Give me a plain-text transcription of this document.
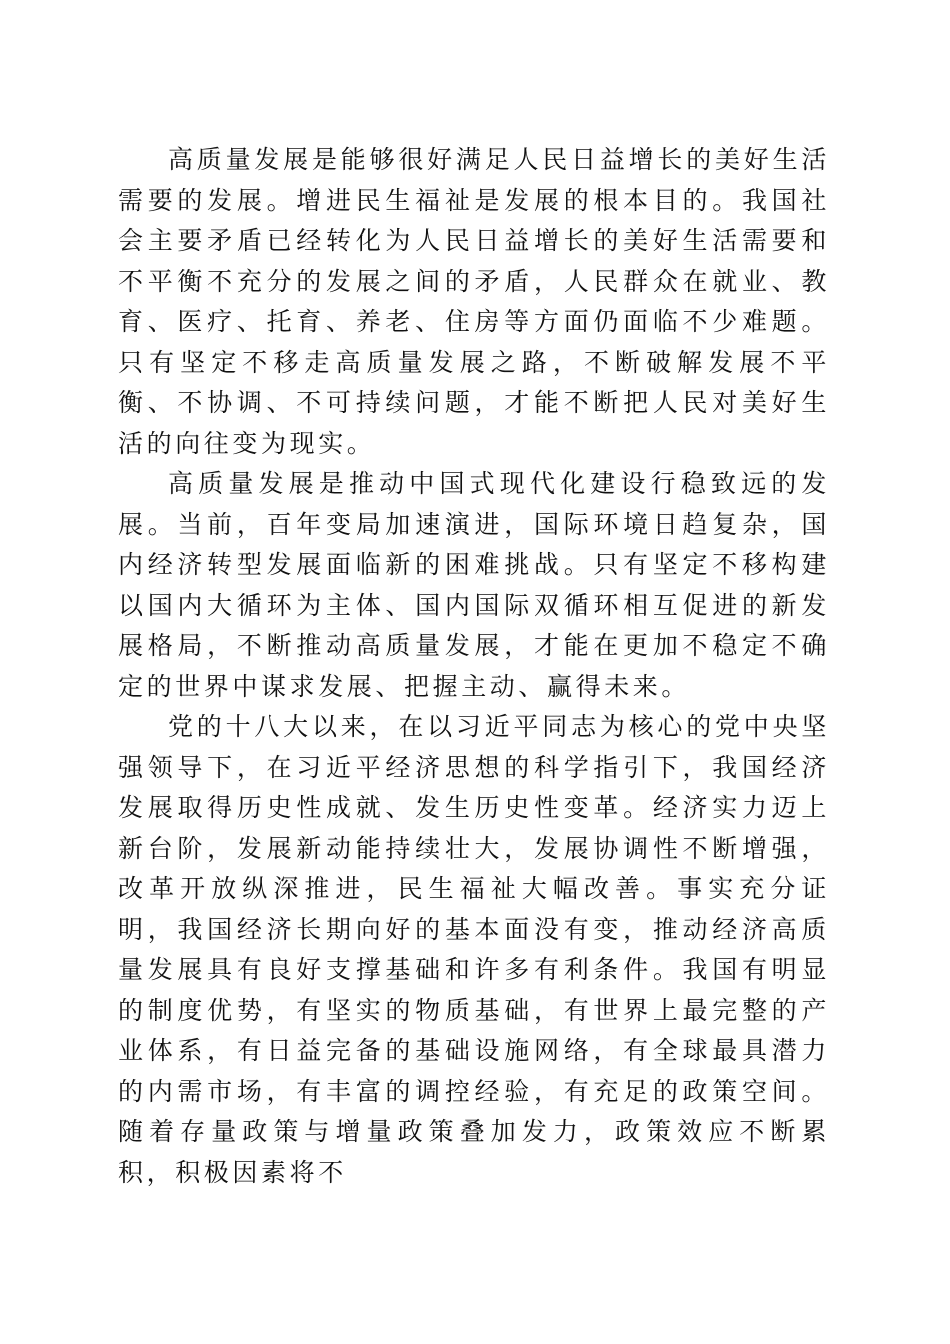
高质量发展是能够很好满足人民日益增长的美好生活需要的发展。增进民生福祉是发展的根本目的。我国社会主要矛盾已经转化为人民日益增长的美好生活需要和不平衡不充分的发展之间的矛盾，人民群众在就业、教育、医疗、托育、养老、住房等方面仍面临不少难题。只有坚定不移走高质量发展之路，不断破解发展不平衡、不协调、不可持续问题，才能不断把人民对美好生活的向往变为现实。

高质量发展是推动中国式现代化建设行稳致远的发展。当前，百年变局加速演进，国际环境日趋复杂，国内经济转型发展面临新的困难挑战。只有坚定不移构建以国内大循环为主体、国内国际双循环相互促进的新发展格局，不断推动高质量发展，才能在更加不稳定不确定的世界中谋求发展、把握主动、赢得未来。

党的十八大以来，在以习近平同志为核心的党中央坚强领导下，在习近平经济思想的科学指引下，我国经济发展取得历史性成就、发生历史性变革。经济实力迈上新台阶，发展新动能持续壮大，发展协调性不断增强，改革开放纵深推进，民生福祉大幅改善。事实充分证明，我国经济长期向好的基本面没有变，推动经济高质量发展具有良好支撑基础和许多有利条件。我国有明显的制度优势，有坚实的物质基础，有世界上最完整的产业体系，有日益完备的基础设施网络，有全球最具潜力的内需市场，有丰富的调控经验，有充足的政策空间。随着存量政策与增量政策叠加发力，政策效应不断累积，积极因素将不
